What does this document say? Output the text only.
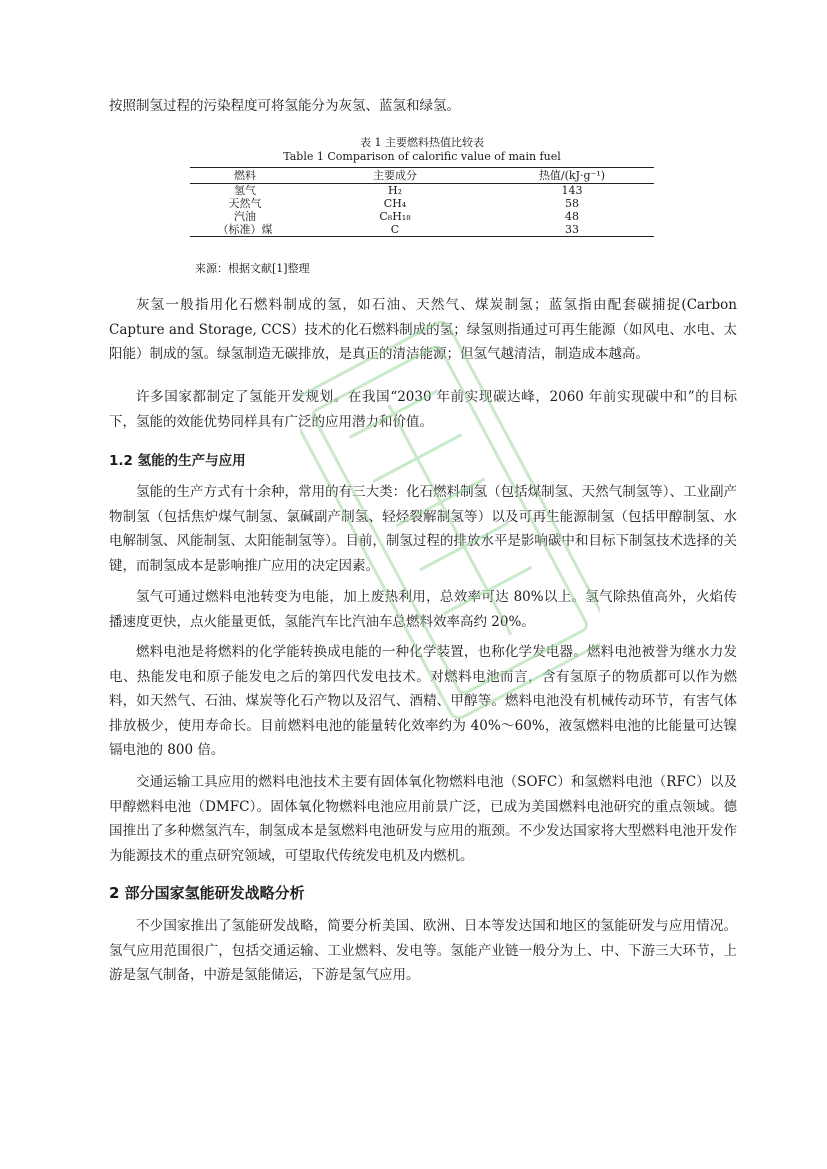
按照制氢过程的污染程度可将氢能分为灰氢、蓝氢和绿氢。

表 1 主要燃料热值比较表

Table 1 Comparison of calorific value of main fuel

燃料	主要成分	热值/(kJ·g⁻¹)
氢气	H₂	143
天然气	CH₄	58
汽油	C₈H₁₈	48
（标准）煤	C	33

来源：根据文献[1]整理

灰氢一般指用化石燃料制成的氢，如石油、天然气、煤炭制氢；蓝氢指由配套碳捕捉(Carbon Capture and Storage, CCS）技术的化石燃料制成的氢；绿氢则指通过可再生能源（如风电、水电、太阳能）制成的氢。绿氢制造无碳排放，是真正的清洁能源；但氢气越清洁，制造成本越高。

许多国家都制定了氢能开发规划。在我国“2030 年前实现碳达峰，2060 年前实现碳中和”的目标下，氢能的效能优势同样具有广泛的应用潜力和价值。

1.2 氢能的生产与应用

氢能的生产方式有十余种，常用的有三大类：化石燃料制氢（包括煤制氢、天然气制氢等）、工业副产物制氢（包括焦炉煤气制氢、氯碱副产制氢、轻烃裂解制氢等）以及可再生能源制氢（包括甲醇制氢、水电解制氢、风能制氢、太阳能制氢等）。目前，制氢过程的排放水平是影响碳中和目标下制氢技术选择的关键，而制氢成本是影响推广应用的决定因素。

氢气可通过燃料电池转变为电能，加上废热利用，总效率可达 80%以上。氢气除热值高外，火焰传播速度更快，点火能量更低，氢能汽车比汽油车总燃料效率高约 20%。

燃料电池是将燃料的化学能转换成电能的一种化学装置，也称化学发电器。燃料电池被誉为继水力发电、热能发电和原子能发电之后的第四代发电技术。对燃料电池而言，含有氢原子的物质都可以作为燃料，如天然气、石油、煤炭等化石产物以及沼气、酒精、甲醇等。燃料电池没有机械传动环节，有害气体排放极少，使用寿命长。目前燃料电池的能量转化效率约为 40%～60%，液氢燃料电池的比能量可达镍镉电池的 800 倍。

交通运输工具应用的燃料电池技术主要有固体氧化物燃料电池（SOFC）和氢燃料电池（RFC）以及甲醇燃料电池（DMFC）。固体氧化物燃料电池应用前景广泛，已成为美国燃料电池研究的重点领域。德国推出了多种燃氢汽车，制氢成本是氢燃料电池研发与应用的瓶颈。不少发达国家将大型燃料电池开发作为能源技术的重点研究领域，可望取代传统发电机及内燃机。

2 部分国家氢能研发战略分析

不少国家推出了氢能研发战略，简要分析美国、欧洲、日本等发达国和地区的氢能研发与应用情况。氢气应用范围很广，包括交通运输、工业燃料、发电等。氢能产业链一般分为上、中、下游三大环节，上游是氢气制备，中游是氢能储运，下游是氢气应用。
